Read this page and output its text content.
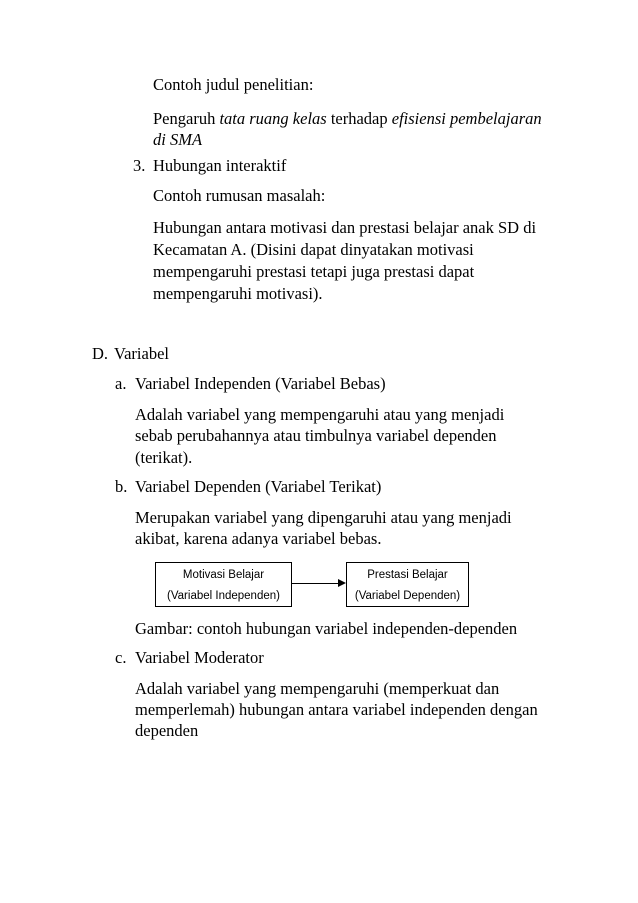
Contoh judul penelitian:
Pengaruh tata ruang kelas terhadap efisiensi pembelajaran
di SMA
3. Hubungan interaktif
Contoh rumusan masalah:
Hubungan antara motivasi dan prestasi belajar anak SD di
Kecamatan A. (Disini dapat dinyatakan motivasi
mempengaruhi prestasi tetapi juga prestasi dapat
mempengaruhi motivasi).
D. Variabel
a. Variabel Independen (Variabel Bebas)
Adalah variabel yang mempengaruhi atau yang menjadi
sebab perubahannya atau timbulnya variabel dependen
(terikat).
b. Variabel Dependen (Variabel Terikat)
Merupakan variabel yang dipengaruhi atau yang menjadi
akibat, karena adanya variabel bebas.
Motivasi Belajar
(Variabel Independen)
Prestasi Belajar
(Variabel Dependen)
Gambar: contoh hubungan variabel independen-dependen
c. Variabel Moderator
Adalah variabel yang mempengaruhi (memperkuat dan
memperlemah) hubungan antara variabel independen dengan
dependen
